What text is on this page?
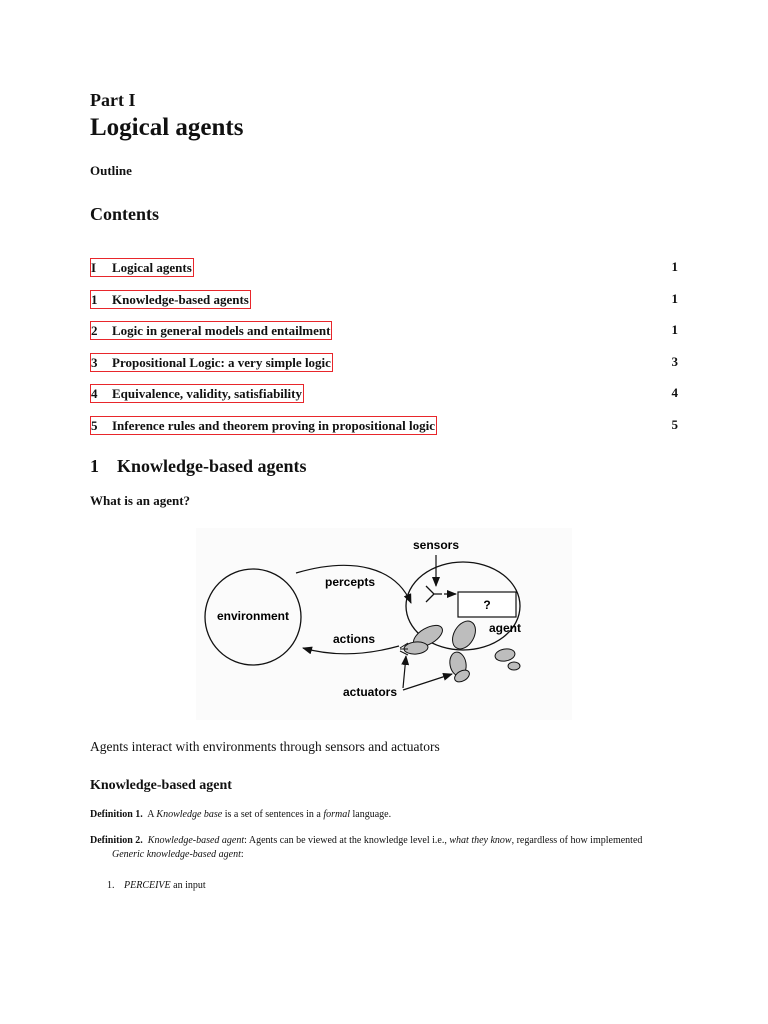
Part I
Logical agents
Outline
Contents
I Logical agents	1
1 Knowledge-based agents	1
2 Logic in general models and entailment	1
3 Propositional Logic: a very simple logic	3
4 Equivalence, validity, satisfiability	4
5 Inference rules and theorem proving in propositional logic	5
1 Knowledge-based agents
What is an agent?
sensors
percepts
environment
actions
?
agent
actuators
Agents interact with environments through sensors and actuators
Knowledge-based agent
Definition 1. A Knowledge base is a set of sentences in a formal language.
Definition 2. Knowledge-based agent: Agents can be viewed at the knowledge level i.e., what they know, regardless of how implemented
Generic knowledge-based agent:
1. PERCEIVE an input
